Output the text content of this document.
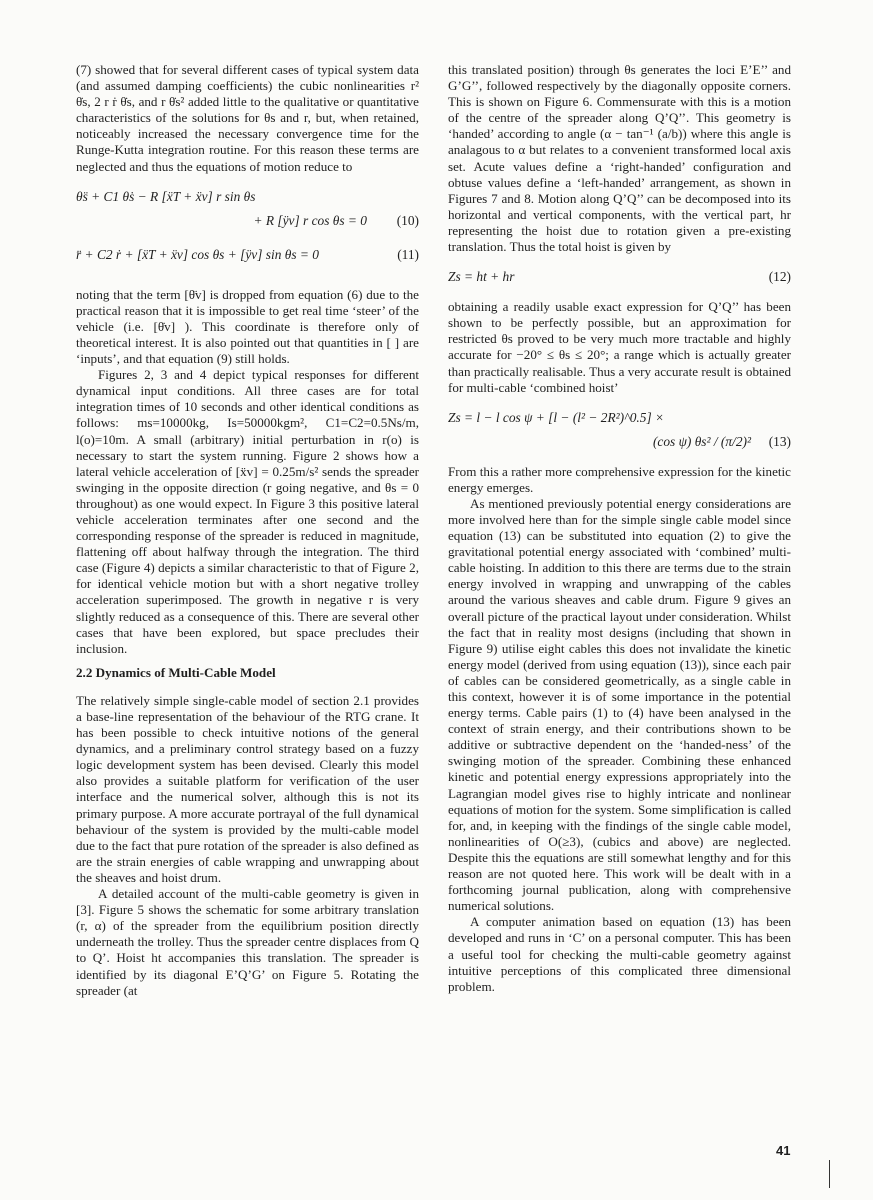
(7) showed that for several different cases of typical system data (and assumed damping coefficients) the cubic nonlinearities r² θ̇s, 2 r ṙ θ̇s, and r θ̇s² added little to the qualitative or quantitative characteristics of the solutions for θs and r, but, when retained, noticeably increased the necessary convergence time for the Runge-Kutta integration routine. For this reason these terms are neglected and thus the equations of motion reduce to

θ̈s + C1 θ̇s − R [ẍT + ẍv] r sin θs
+ R [ÿv] r cos θs = 0 (10)
r̈ + C2 ṙ + [ẍT + ẍv] cos θs + [ÿv] sin θs = 0	(11)

noting that the term [θ̈v] is dropped from equation (6) due to the practical reason that it is impossible to get real time ‘steer’ of the vehicle (i.e. [θ̇v] ). This coordinate is therefore only of theoretical interest. It is also pointed out that quantities in [ ] are ‘inputs’, and that equation (9) still holds.

Figures 2, 3 and 4 depict typical responses for different dynamical input conditions. All three cases are for total integration times of 10 seconds and other identical conditions as follows: ms=10000kg, Is=50000kgm², C1=C2=0.5Ns/m, l(o)=10m. A small (arbitrary) initial perturbation in r(o) is necessary to start the system running. Figure 2 shows how a lateral vehicle acceleration of [ẍv] = 0.25m/s² sends the spreader swinging in the opposite direction (r going negative, and θs = 0 throughout) as one would expect. In Figure 3 this positive lateral vehicle acceleration terminates after one second and the corresponding response of the spreader is reduced in magnitude, flattening off about halfway through the integration. The third case (Figure 4) depicts a similar characteristic to that of Figure 2, for identical vehicle motion but with a short negative trolley acceleration superimposed. The growth in negative r is very slightly reduced as a consequence of this. There are several other cases that have been explored, but space precludes their inclusion.

2.2 Dynamics of Multi-Cable Model

The relatively simple single-cable model of section 2.1 provides a base-line representation of the behaviour of the RTG crane. It has been possible to check intuitive notions of the general dynamics, and a preliminary control strategy based on a fuzzy logic development system has been devised. Clearly this model also provides a suitable platform for verification of the user interface and the numerical solver, although this is not its primary purpose. A more accurate portrayal of the full dynamical behaviour of the system is provided by the multi-cable model due to the fact that pure rotation of the spreader is also defined as are the strain energies of cable wrapping and unwrapping about the sheaves and hoist drum.

A detailed account of the multi-cable geometry is given in [3]. Figure 5 shows the schematic for some arbitrary translation (r, α) of the spreader from the equilibrium position directly underneath the trolley. Thus the spreader centre displaces from Q to Q’. Hoist ht accompanies this translation. The spreader is identified by its diagonal E’Q’G’ on Figure 5. Rotating the spreader (at

this translated position) through θs generates the loci E’E’’ and G’G’’, followed respectively by the diagonally opposite corners. This is shown on Figure 6. Commensurate with this is a motion of the centre of the spreader along Q’Q’’. This geometry is ‘handed’ according to angle (α − tan⁻¹ (a/b)) where this angle is analagous to α but relates to a convenient transformed local axis set. Acute values define a ‘right-handed’ configuration and obtuse values define a ‘left-handed’ arrangement, as shown in Figures 7 and 8. Motion along Q’Q’’ can be decomposed into its horizontal and vertical components, with the vertical part, hr representing the hoist due to rotation given a pre-existing translation. Thus the total hoist is given by

Zs = ht + hr	(12)

obtaining a readily usable exact expression for Q’Q’’ has been shown to be perfectly possible, but an approximation for restricted θs proved to be very much more tractable and highly accurate for −20° ≤ θs ≤ 20°; a range which is actually greater than practically realisable. Thus a very accurate result is obtained for multi-cable ‘combined hoist’

Zs = l − l cos ψ + [l − (l² − 2R²)^0.5] ×
(cos ψ) θs² / (π/2)² (13)

From this a rather more comprehensive expression for the kinetic energy emerges.

As mentioned previously potential energy considerations are more involved here than for the simple single cable model since equation (13) can be substituted into equation (2) to give the gravitational potential energy associated with ‘combined’ multi-cable hoisting. In addition to this there are terms due to the strain energy involved in wrapping and unwrapping of the cables around the various sheaves and cable drum. Figure 9 gives an overall picture of the practical layout under consideration. Whilst the fact that in reality most designs (including that shown in Figure 9) utilise eight cables this does not invalidate the kinetic energy model (derived from using equation (13)), since each pair of cables can be considered geometrically, as a single cable in this context, however it is of some importance in the potential energy terms. Cable pairs (1) to (4) have been analysed in the context of strain energy, and their contributions shown to be additive or subtractive dependent on the ‘handed-ness’ of the swinging motion of the spreader. Combining these enhanced kinetic and potential energy expressions appropriately into the Lagrangian model gives rise to highly intricate and nonlinear equations of motion for the system. Some simplification is called for, and, in keeping with the findings of the single cable model, nonlinearities of O(≥3), (cubics and above) are neglected. Despite this the equations are still somewhat lengthy and for this reason are not quoted here. This work will be dealt with in a forthcoming journal publication, along with comprehensive numerical solutions.

A computer animation based on equation (13) has been developed and runs in ‘C’ on a personal computer. This has been a useful tool for checking the multi-cable geometry against intuitive perceptions of this complicated three dimensional problem.

41
